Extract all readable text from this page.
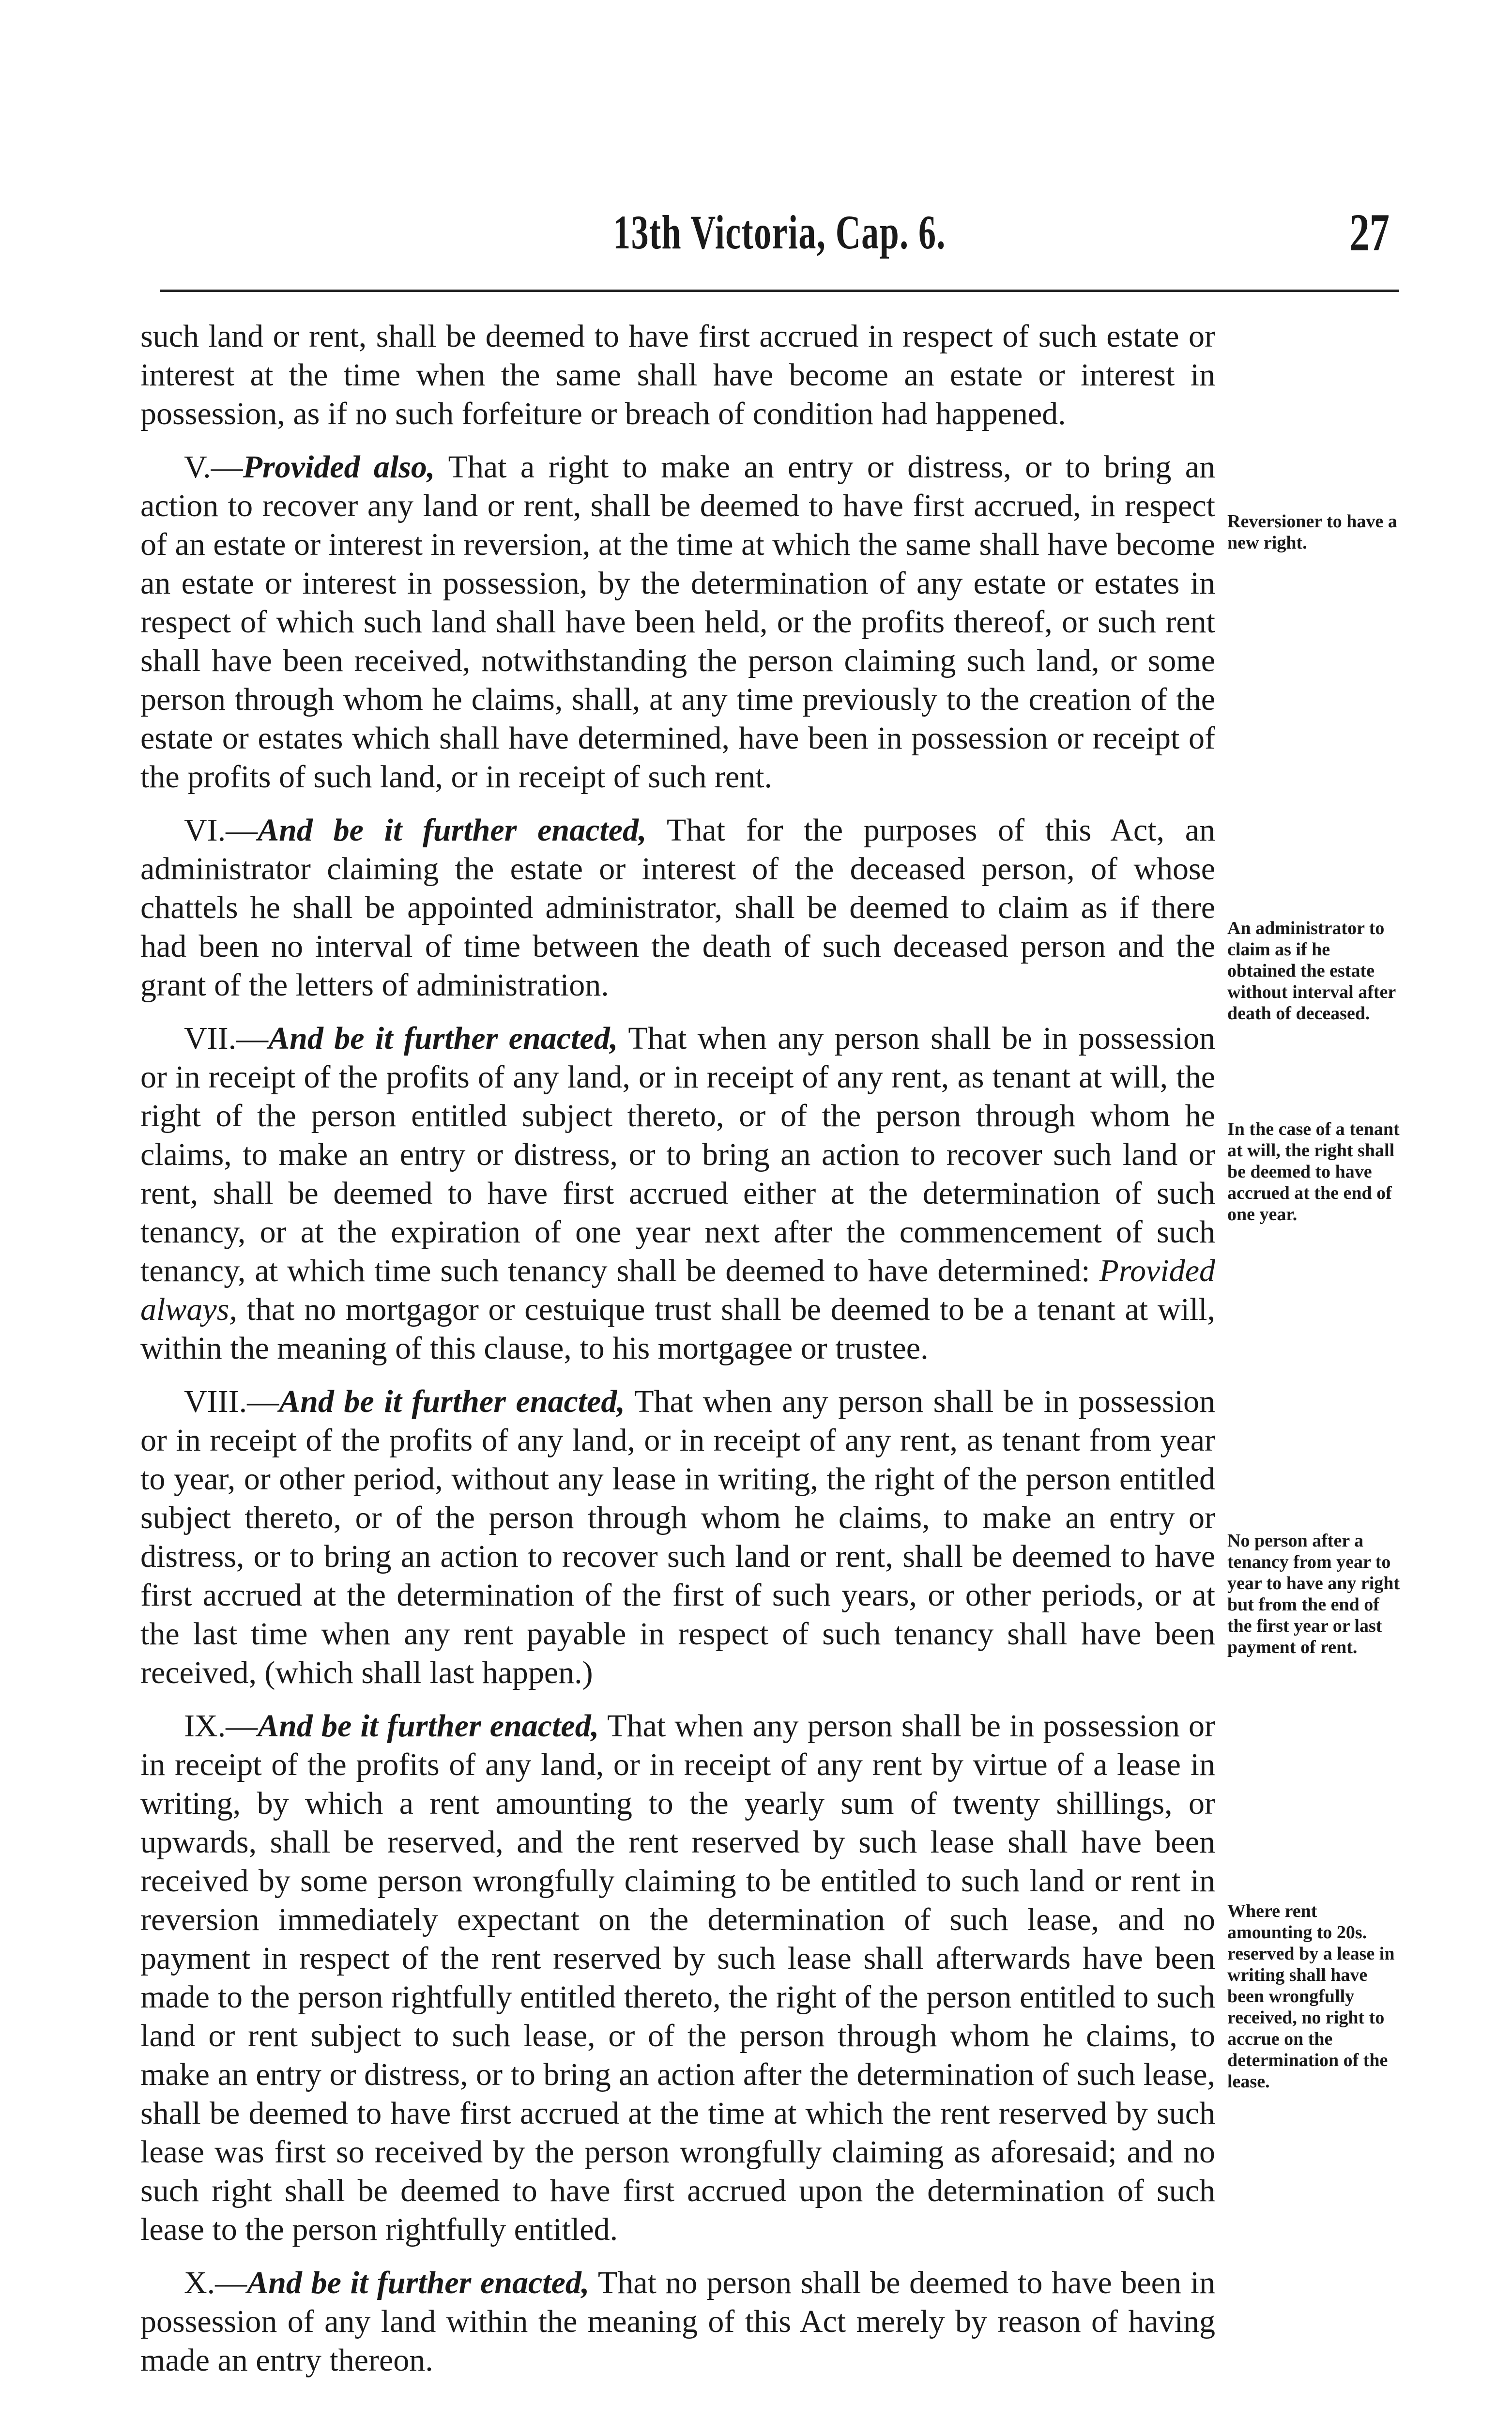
13th Victoria, Cap. 6.	27

such land or rent, shall be deemed to have first accrued in respect of such estate or interest at the time when the same shall have become an estate or interest in possession, as if no such forfeiture or breach of condition had happened.

V.—Provided also, That a right to make an entry or distress, or to bring an action to recover any land or rent, shall be deemed to have first accrued, in respect of an estate or interest in reversion, at the time at which the same shall have become an estate or interest in possession, by the determination of any estate or estates in respect of which such land shall have been held, or the profits thereof, or such rent shall have been received, notwithstanding the person claiming such land, or some person through whom he claims, shall, at any time previously to the creation of the estate or estates which shall have determined, have been in possession or receipt of the profits of such land, or in receipt of such rent.

VI.—And be it further enacted, That for the purposes of this Act, an administrator claiming the estate or interest of the deceased person, of whose chattels he shall be appointed administrator, shall be deemed to claim as if there had been no interval of time between the death of such deceased person and the grant of the letters of administration.

VII.—And be it further enacted, That when any person shall be in possession or in receipt of the profits of any land, or in receipt of any rent, as tenant at will, the right of the person entitled subject thereto, or of the person through whom he claims, to make an entry or distress, or to bring an action to recover such land or rent, shall be deemed to have first accrued either at the determination of such tenancy, or at the expiration of one year next after the commencement of such tenancy, at which time such tenancy shall be deemed to have determined: Provided always, that no mortgagor or cestuique trust shall be deemed to be a tenant at will, within the meaning of this clause, to his mortgagee or trustee.

VIII.—And be it further enacted, That when any person shall be in possession or in receipt of the profits of any land, or in receipt of any rent, as tenant from year to year, or other period, without any lease in writing, the right of the person entitled subject thereto, or of the person through whom he claims, to make an entry or distress, or to bring an action to recover such land or rent, shall be deemed to have first accrued at the determination of the first of such years, or other periods, or at the last time when any rent payable in respect of such tenancy shall have been received, (which shall last happen.)

IX.—And be it further enacted, That when any person shall be in possession or in receipt of the profits of any land, or in receipt of any rent by virtue of a lease in writing, by which a rent amounting to the yearly sum of twenty shillings, or upwards, shall be reserved, and the rent reserved by such lease shall have been received by some person wrongfully claiming to be entitled to such land or rent in reversion immediately expectant on the determination of such lease, and no payment in respect of the rent reserved by such lease shall afterwards have been made to the person rightfully entitled thereto, the right of the person entitled to such land or rent subject to such lease, or of the person through whom he claims, to make an entry or distress, or to bring an action after the determination of such lease, shall be deemed to have first accrued at the time at which the rent reserved by such lease was first so received by the person wrongfully claiming as aforesaid; and no such right shall be deemed to have first accrued upon the determination of such lease to the person rightfully entitled.

X.—And be it further enacted, That no person shall be deemed to have been in possession of any land within the meaning of this Act merely by reason of having made an entry thereon.

Reversioner to have a new right.
An administrator to claim as if he obtained the estate without interval after death of deceased.
In the case of a tenant at will, the right shall be deemed to have accrued at the end of one year.
No person after a tenancy from year to year to have any right but from the end of the first year or last payment of rent.
Where rent amounting to 20s. reserved by a lease in writing shall have been wrongfully received, no right to accrue on the determination of the lease.
